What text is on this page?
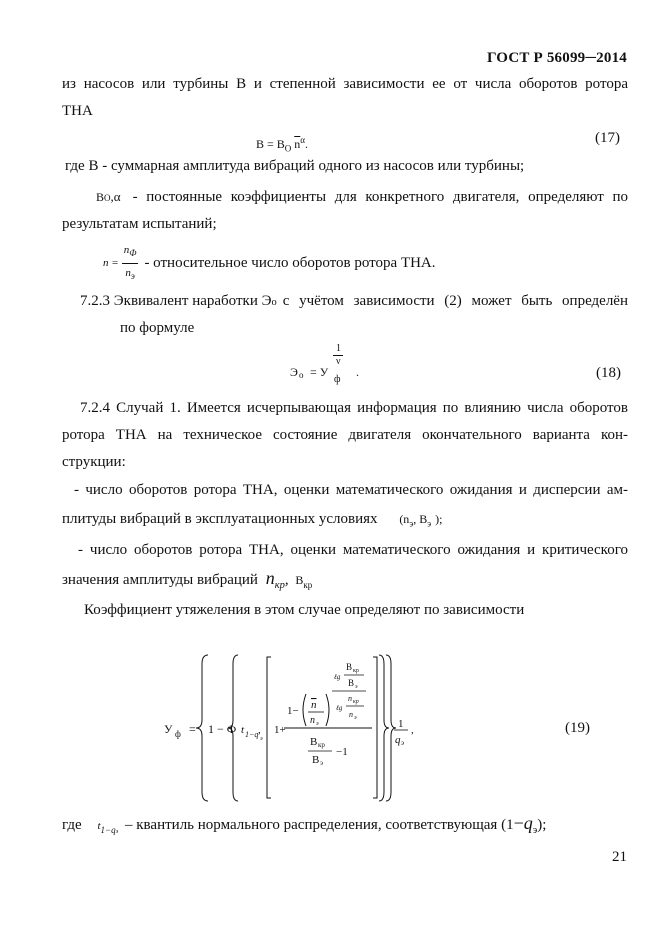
ГОСТ Р 56099─2014
из насосов или турбины В и степенной зависимости ее от числа оборотов ротора
ТНА
$В = В_O$ $\overline{n}^\alpha$.	(17)
где В - суммарная амплитуда вибраций одного из насосов или турбины;
В O ,α - постоянные коэффициенты для конкретного двигателя, определяют по
результатам испытаний;
$n = \frac{n_Ф}{n_э}$ - относительное число оборотов ротора ТНА.
7.2.3 Эквивалент наработки Э о с учётом зависимости (2) может быть определён
по формуле
Э о = У
1
ν
ф
.	(18)
7.2.4 Случай 1. Имеется исчерпывающая информация по влиянию числа оборотов
ротора ТНА на техническое состояние двигателя окончательного варианта кон-
струкции:
- число оборотов ротора ТНА, оценки математического ожидания и дисперсии ам-
плитуды вибраций в эксплуатационных условиях ($n_э$, $В_э$ );
- число оборотов ротора ТНА, оценки математического ожидания и критического
значения амплитуды вибраций $n_{кр}$, $В_{кр}$
Коэффициент утяжеления в этом случае определяют по зависимости
У ф = 1 − Ф t 1−q э
, 1+
1− n
n э
ℓg
В кр
В э
ℓg
n кр
n э
В кр
В э
−1
1
q э
,	(19)
где $t_{1-qэ}$ – квантиль нормального распределения, соответствующая $(1-q_э)$;
21
